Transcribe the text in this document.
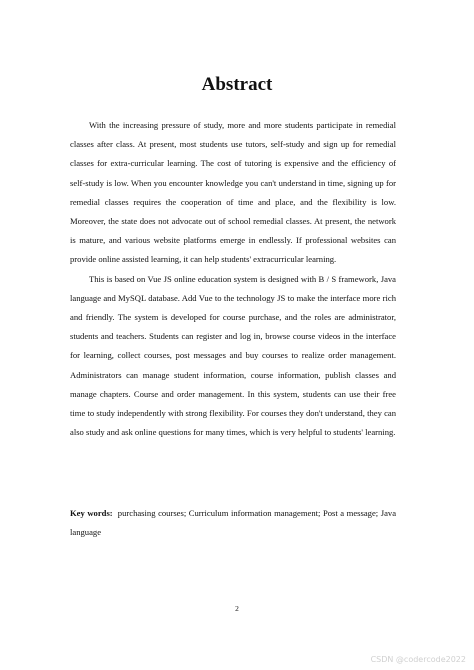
Abstract

With the increasing pressure of study, more and more students participate in remedial classes after class. At present, most students use tutors, self-study and sign up for remedial classes for extra-curricular learning. The cost of tutoring is expensive and the efficiency of self-study is low. When you encounter knowledge you can't understand in time, signing up for remedial classes requires the cooperation of time and place, and the flexibility is low. Moreover, the state does not advocate out of school remedial classes. At present, the network is mature, and various website platforms emerge in endlessly. If professional websites can provide online assisted learning, it can help students' extracurricular learning.

This is based on Vue JS online education system is designed with B / S framework, Java language and MySQL database. Add Vue to the technology JS to make the interface more rich and friendly. The system is developed for course purchase, and the roles are administrator, students and teachers. Students can register and log in, browse course videos in the interface for learning, collect courses, post messages and buy courses to realize order management. Administrators can manage student information, course information, publish classes and manage chapters. Course and order management. In this system, students can use their free time to study independently with strong flexibility. For courses they don't understand, they can also study and ask online questions for many times, which is very helpful to students' learning.

Key words: purchasing courses; Curriculum information management; Post a message; Java language
2
CSDN @codercode2022
